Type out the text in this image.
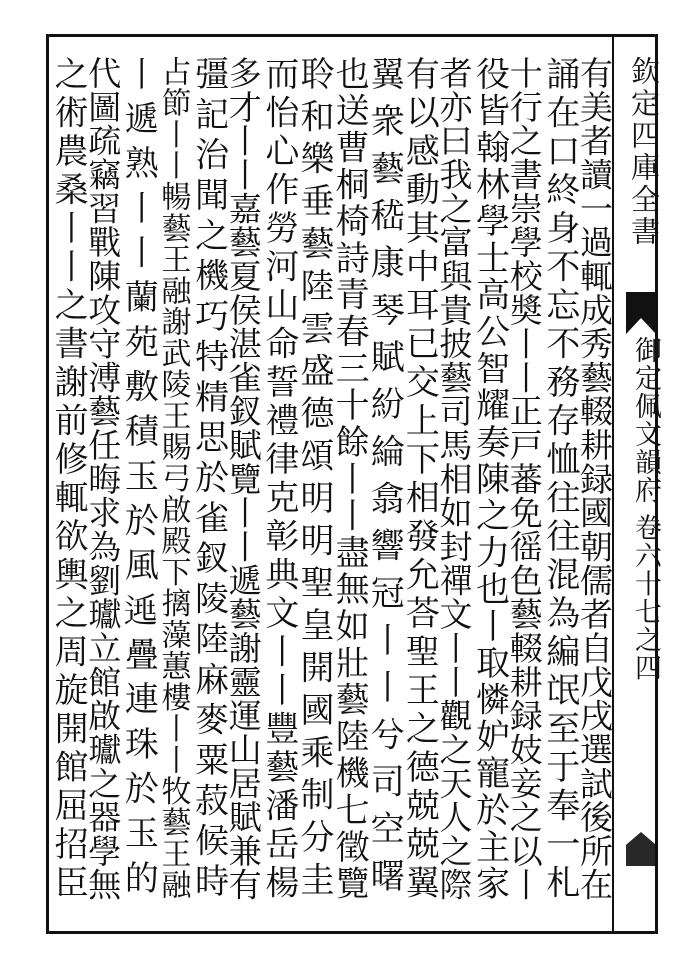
欽定四庫全書
御定佩文韻府 卷六十七之四
有美者讀一過輒成秀藝輟耕録國朝儒者自戊戌選試後所在
誦在口終身不忘不務存恤往往混為編氓至于奉一札
十行之書崇學校奬丨丨正戸蕃免徭色藝輟耕録妓妾之以丨
役皆翰林學士高公智耀奏陳之力也丨取憐妒寵於主家
者亦曰我之富與貴披藝司馬相如封禪文丨丨觀之天人之際
有以感動其中耳已交上下相發允荅聖王之德兢兢翼
翼衆藝嵇康琴賦紛綸翕響冠丨丨兮司空曙
也送曹桐椅詩青春三十餘丨丨盡無如壯藝陸機七徵覽
聆和樂垂藝陸雲盛德頌明明聖皇開國乘制分圭
而怡心作勞河山命誓禮律克彰典文丨丨豐藝潘岳楊
多才丨丨嘉藝夏侯湛雀釵賦覽丨丨遞藝謝靈運山居賦兼有
彊記治聞之機巧特精思於雀釵陵陸麻麥粟菽候時
占節丨丨暢藝王融謝武陵王賜弓啟殿下摛藻蕙樓丨丨牧藝王融
丨遞熟丨丨蘭苑敷積玉於風𨓱疊連珠於玉的
代圖疏竊習戰陳攻守溥藝任晦求為劉瓛立館啟瓛之器學無
之術農桑丨丨之書謝前修輒欲輿之周旋開館屈招臣
